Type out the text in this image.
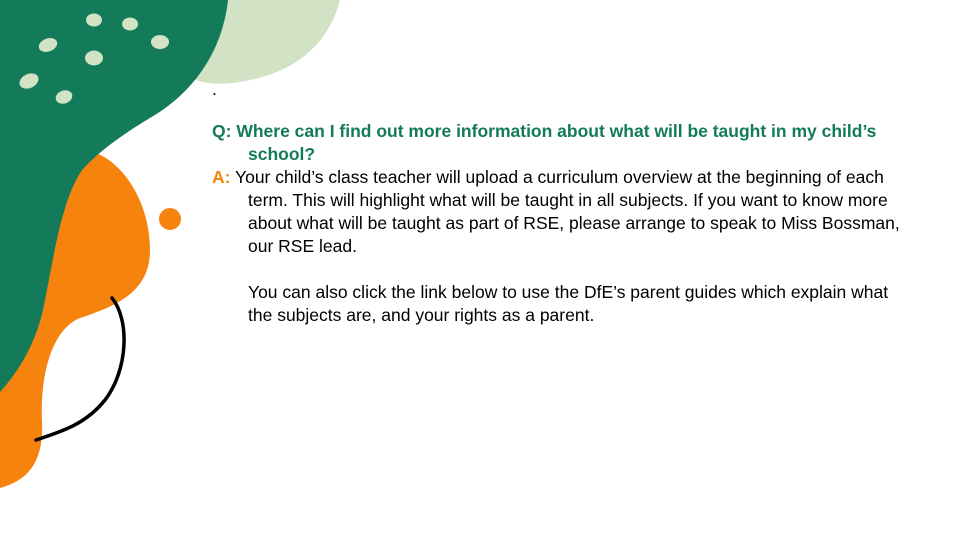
.

Q: Where can I find out more information about what will be taught in my child’s school?

A: Your child’s class teacher will upload a curriculum overview at the beginning of each term. This will highlight what will be taught in all subjects. If you want to know more about what will be taught as part of RSE, please arrange to speak to Miss Bossman, our RSE lead.

You can also click the link below to use the DfE’s parent guides which explain what the subjects are, and your rights as a parent.
